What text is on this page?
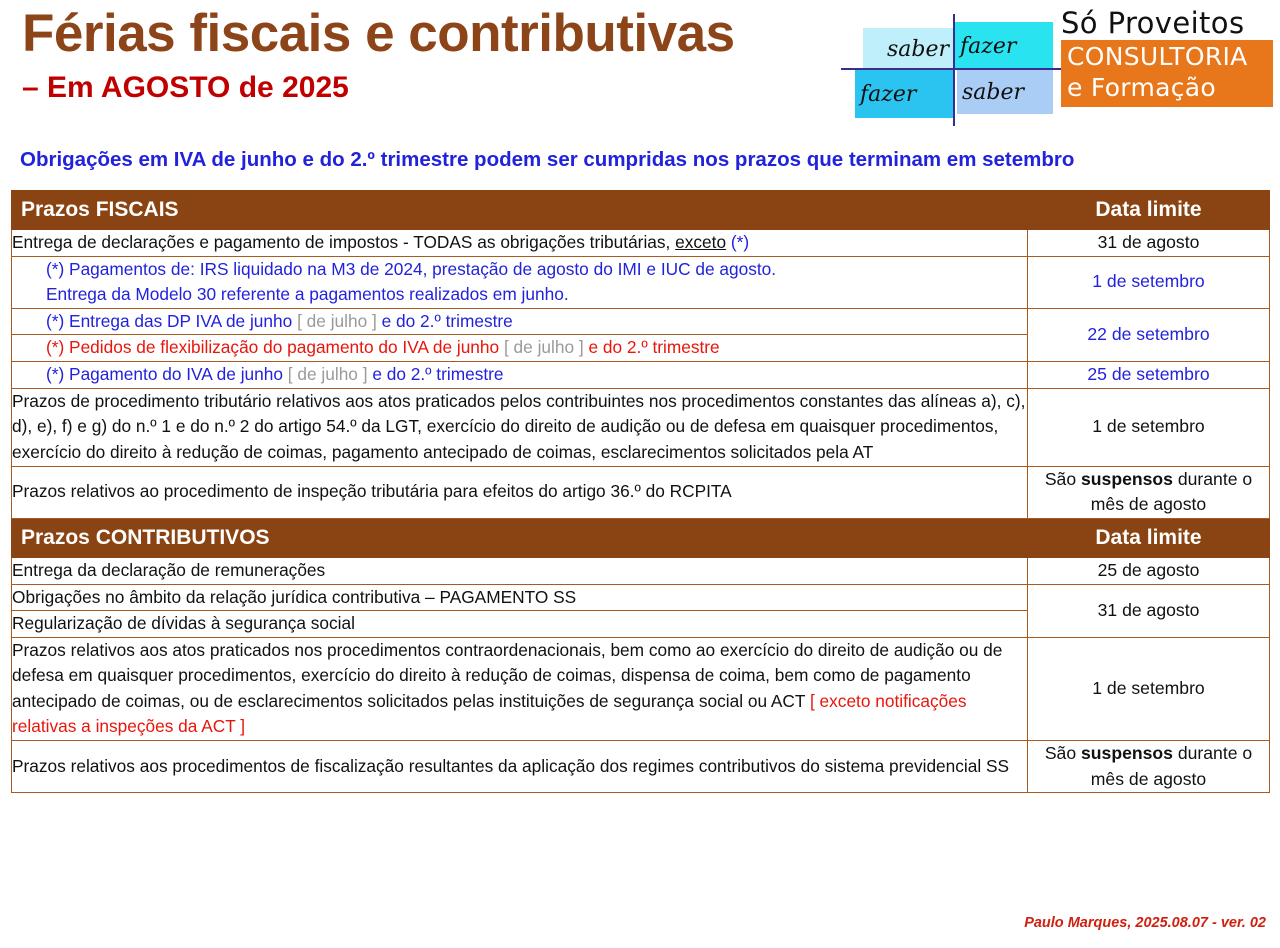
Férias fiscais e contributivas
– Em AGOSTO de 2025
saber fazer
fazer	saber
Só Proveitos
CONSULTORIA
e Formação
Obrigações em IVA de junho e do 2.º trimestre podem ser cumpridas nos prazos que terminam em setembro
Prazos FISCAIS	Data limite
Entrega de declarações e pagamento de impostos - TODAS as obrigações tributárias, exceto (*)	31 de agosto

(*) Pagamentos de: IRS liquidado na M3 de 2024, prestação de agosto do IMI e IUC de agosto.
Entrega da Modelo 30 referente a pagamentos realizados em junho.	1 de setembro
(*) Entrega das DP IVA de junho [ de julho ] e do 2.º trimestre	22 de setembro
(*) Pedidos de flexibilização do pagamento do IVA de junho [ de julho ] e do 2.º trimestre	
(*) Pagamento do IVA de junho [ de julho ] e do 2.º trimestre	25 de setembro
Prazos de procedimento tributário relativos aos atos praticados pelos contribuintes nos procedimentos constantes das alíneas a), c), d), e), f) e g) do n.º 1 e do n.º 2 do artigo 54.º da LGT, exercício do direito de audição ou de defesa em quaisquer procedimentos, exercício do direito à redução de coimas, pagamento antecipado de coimas, esclarecimentos solicitados pela AT	1 de setembro
Prazos relativos ao procedimento de inspeção tributária para efeitos do artigo 36.º do RCPITA	São suspensos durante o mês de agosto
Prazos CONTRIBUTIVOS	Data limite
Entrega da declaração de remunerações	25 de agosto
Obrigações no âmbito da relação jurídica contributiva – PAGAMENTO SS	31 de agosto
Regularização de dívidas à segurança social	
Prazos relativos aos atos praticados nos procedimentos contraordenacionais, bem como ao exercício do direito de audição ou de defesa em quaisquer procedimentos, exercício do direito à redução de coimas, dispensa de coima, bem como de pagamento antecipado de coimas, ou de esclarecimentos solicitados pelas instituições de segurança social ou ACT [ exceto notificações relativas a inspeções da ACT ]	1 de setembro
Prazos relativos aos procedimentos de fiscalização resultantes da aplicação dos regimes contributivos do sistema previdencial SS	São suspensos durante o mês de agosto
Paulo Marques, 2025.08.07 - ver. 02
